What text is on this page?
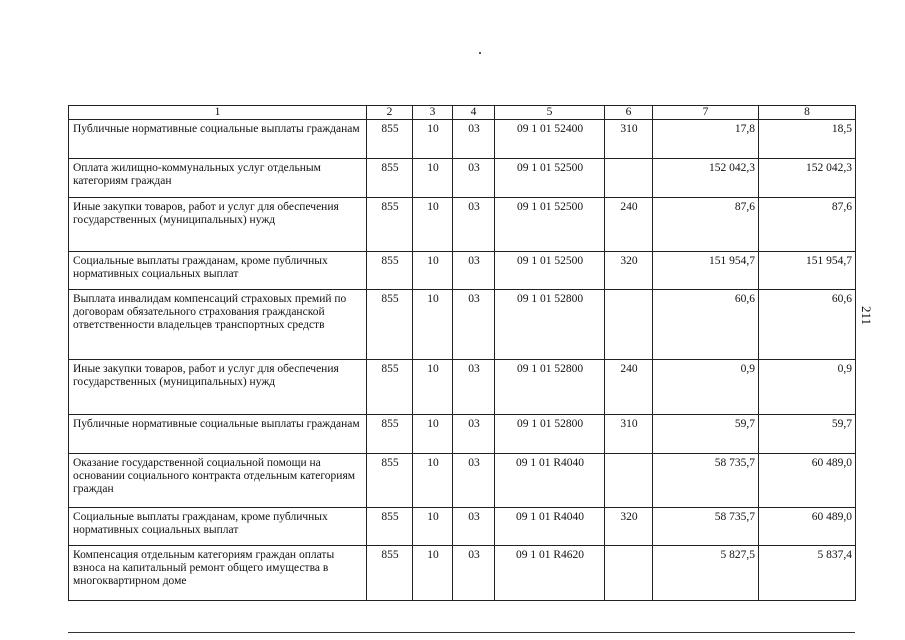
1	2	3	4	5	6	7	8
Публичные нормативные социальные выплаты гражданам	855	10	03	09 1 01 52400	310	17,8	18,5
Оплата жилищно-коммунальных услуг отдельным категориям граждан	855	10	03	09 1 01 52500		152 042,3	152 042,3
Иные закупки товаров, работ и услуг для обеспечения государственных (муниципальных) нужд	855	10	03	09 1 01 52500	240	87,6	87,6
Социальные выплаты гражданам, кроме публичных нормативных социальных выплат	855	10	03	09 1 01 52500	320	151 954,7	151 954,7
Выплата инвалидам компенсаций страховых премий по договорам обязательного страхования гражданской ответственности владельцев транспортных средств	855	10	03	09 1 01 52800		60,6	60,6
Иные закупки товаров, работ и услуг для обеспечения государственных (муниципальных) нужд	855	10	03	09 1 01 52800	240	0,9	0,9
Публичные нормативные социальные выплаты гражданам	855	10	03	09 1 01 52800	310	59,7	59,7
Оказание государственной социальной помощи на основании социального контракта отдельным категориям граждан	855	10	03	09 1 01 R4040		58 735,7	60 489,0
Социальные выплаты гражданам, кроме публичных нормативных социальных выплат	855	10	03	09 1 01 R4040	320	58 735,7	60 489,0
Компенсация отдельным категориям граждан оплаты взноса на капитальный ремонт общего имущества в многоквартирном доме	855	10	03	09 1 01 R4620		5 827,5	5 837,4
211
